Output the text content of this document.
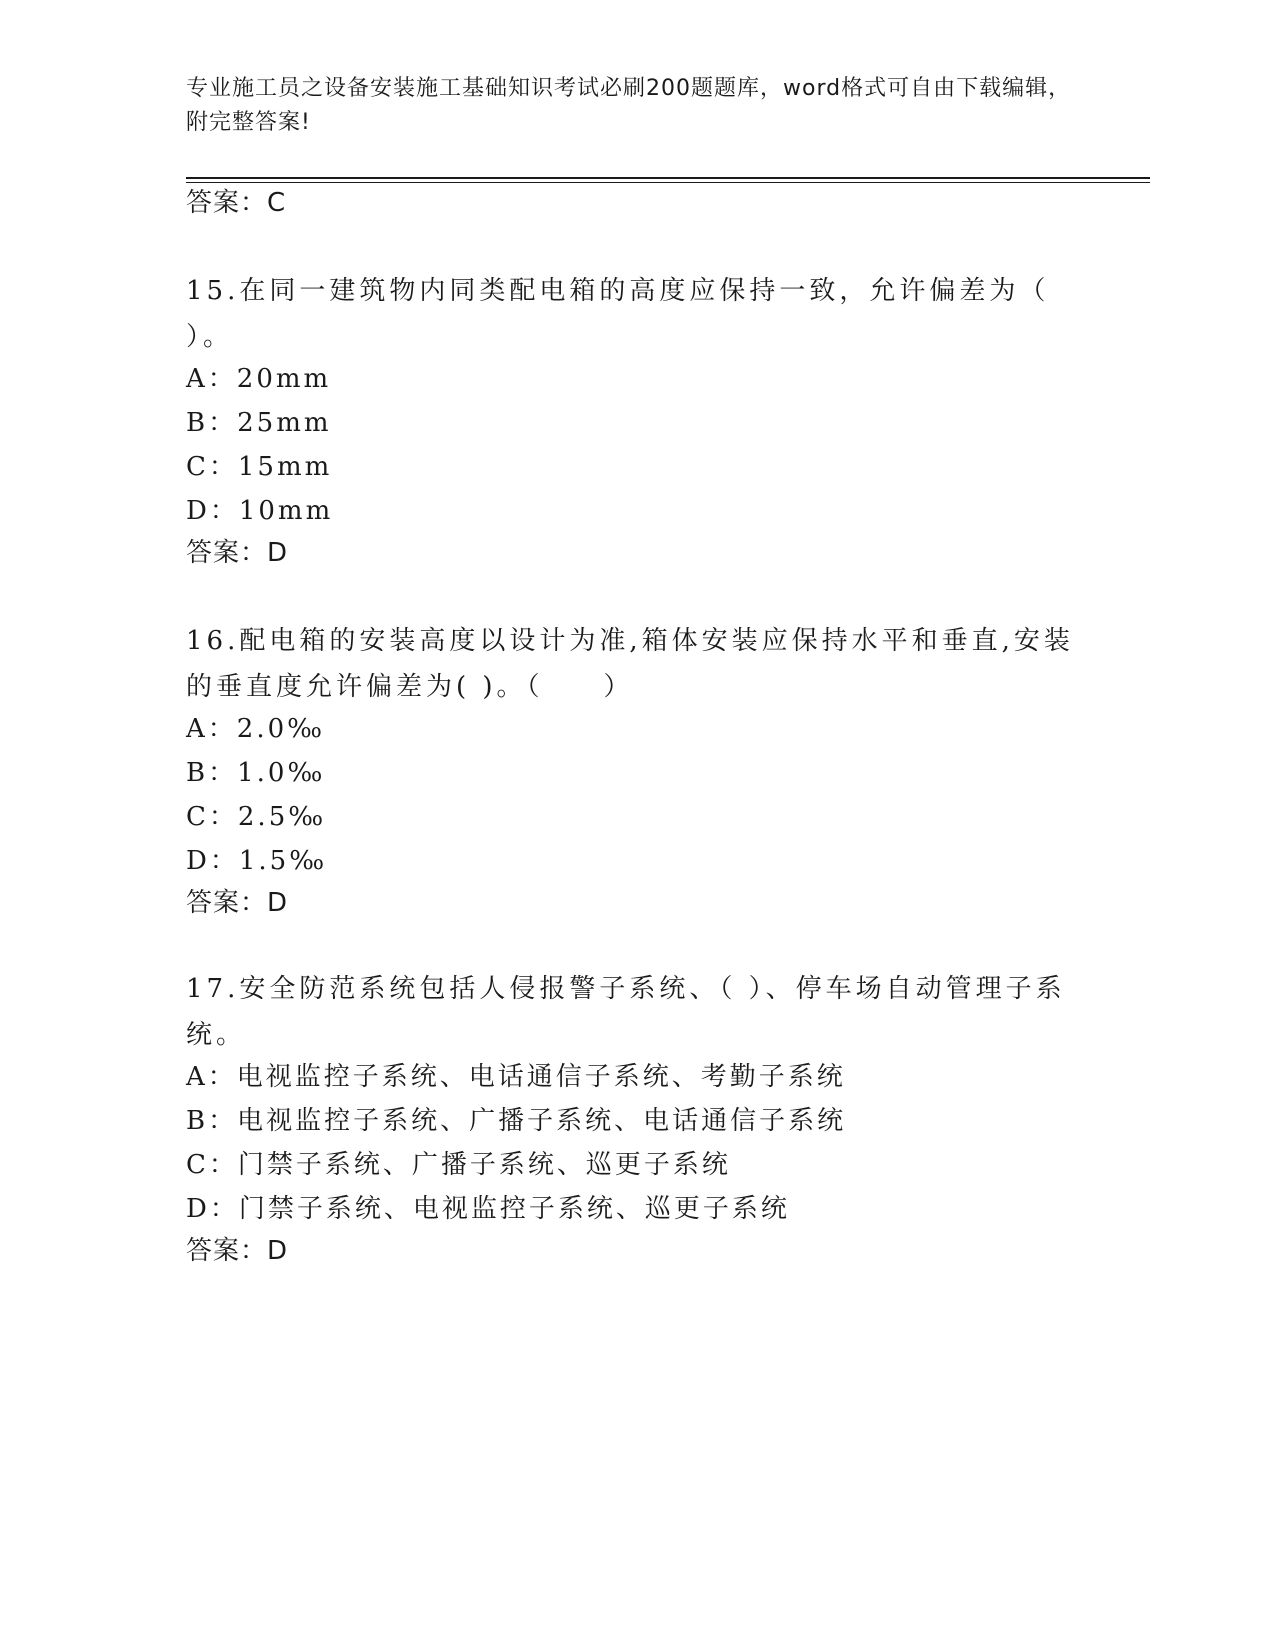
专业施工员之设备安装施工基础知识考试必刷200题题库，word格式可自由下载编辑，附完整答案!
答案：C
15.在同一建筑物内同类配电箱的高度应保持一致，允许偏差为（ ）。
A：20mm
B：25mm
C：15mm
D：10mm
答案：D
16.配电箱的安装高度以设计为准,箱体安装应保持水平和垂直,安装的垂直度允许偏差为( )。（　　）
A：2.0‰
B：1.0‰
C：2.5‰
D：1.5‰
答案：D
17.安全防范系统包括人侵报警子系统、（ ）、停车场自动管理子系统。
A：电视监控子系统、电话通信子系统、考勤子系统
B：电视监控子系统、广播子系统、电话通信子系统
C：门禁子系统、广播子系统、巡更子系统
D：门禁子系统、电视监控子系统、巡更子系统
答案：D
